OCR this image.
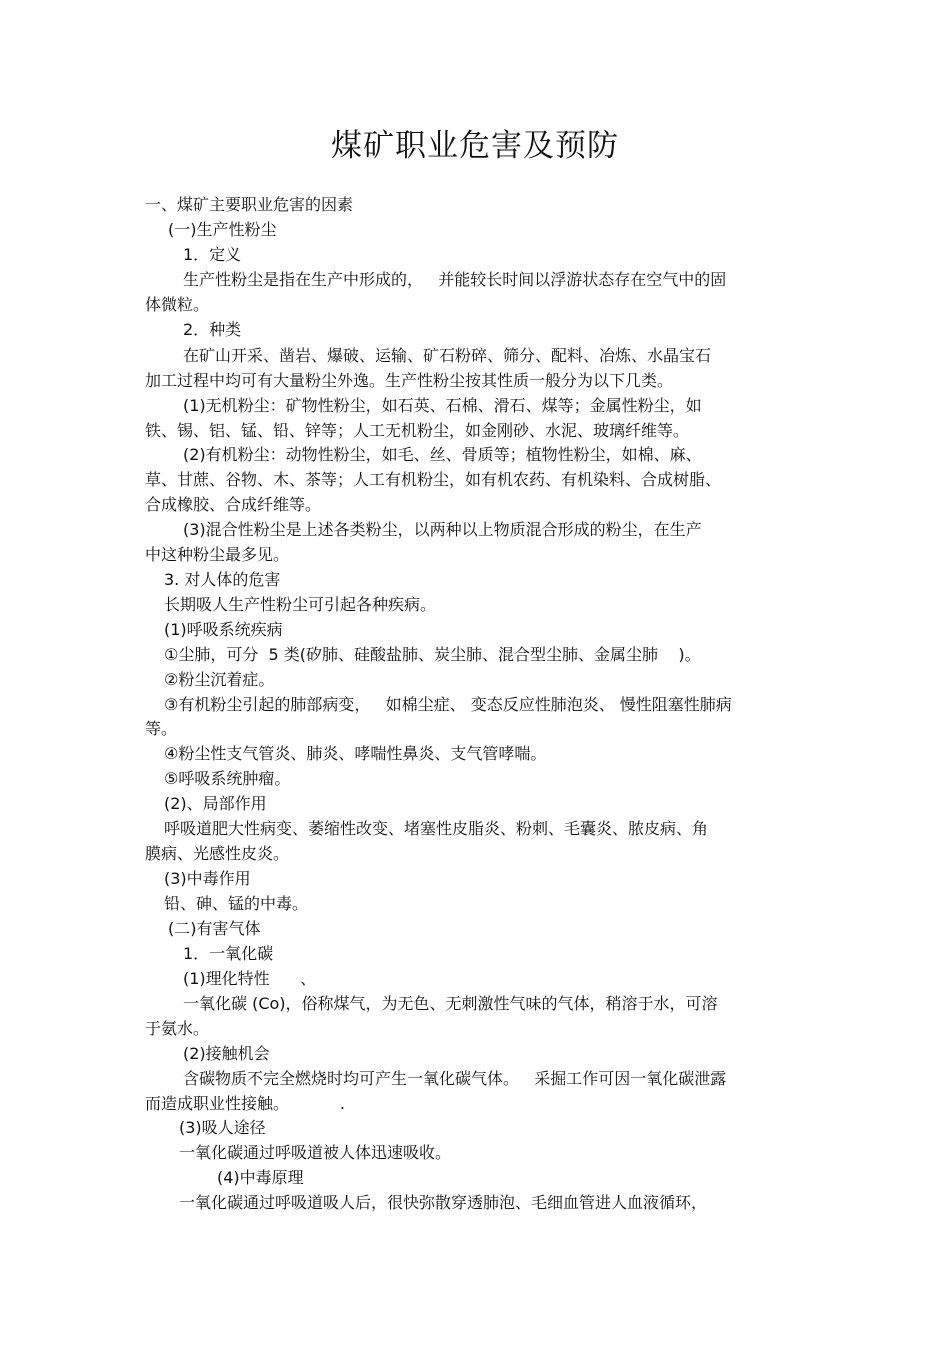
煤矿职业危害及预防
一、煤矿主要职业危害的因素
(一)生产性粉尘
1．定义
生产性粉尘是指在生产中形成的，   并能较长时间以浮游状态存在空气中的固
体微粒。
2．种类
在矿山开采、凿岩、爆破、运输、矿石粉碎、筛分、配料、冶炼、水晶宝石
加工过程中均可有大量粉尘外逸。生产性粉尘按其性质一般分为以下几类。
(1)无机粉尘：矿物性粉尘，如石英、石棉、滑石、煤等；金属性粉尘，如
铁、锡、铝、锰、铅、锌等；人工无机粉尘，如金刚砂、水泥、玻璃纤维等。
(2)有机粉尘：动物性粉尘，如毛、丝、骨质等；植物性粉尘，如棉、麻、
草、甘蔗、谷物、木、茶等；人工有机粉尘，如有机农药、有机染料、合成树脂、
合成橡胶、合成纤维等。
(3)混合性粉尘是上述各类粉尘，以两种以上物质混合形成的粉尘，在生产
中这种粉尘最多见。
3. 对人体的危害
长期吸人生产性粉尘可引起各种疾病。
(1)呼吸系统疾病
①尘肺，可分  5 类(矽肺、硅酸盐肺、炭尘肺、混合型尘肺、金属尘肺    )。
②粉尘沉着症。
③有机粉尘引起的肺部病变，   如棉尘症、 变态反应性肺泡炎、 慢性阻塞性肺病
等。
④粉尘性支气管炎、肺炎、哮喘性鼻炎、支气管哮喘。
⑤呼吸系统肿瘤。
(2)、局部作用
呼吸道肥大性病变、萎缩性改变、堵塞性皮脂炎、粉刺、毛囊炎、脓皮病、角
膜病、光感性皮炎。
(3)中毒作用
铅、砷、锰的中毒。
(二)有害气体
1．一氧化碳
(1)理化特性      、
一氧化碳 (Co)，俗称煤气，为无色、无刺激性气味的气体，稍溶于水，可溶
于氨水。
(2)接触机会
含碳物质不完全燃烧时均可产生一氧化碳气体。   采掘工作可因一氧化碳泄露
而造成职业性接触。          .
(3)吸人途径
一氧化碳通过呼吸道被人体迅速吸收。
(4)中毒原理
一氧化碳通过呼吸道吸人后，很快弥散穿透肺泡、毛细血管进人血液循环，
